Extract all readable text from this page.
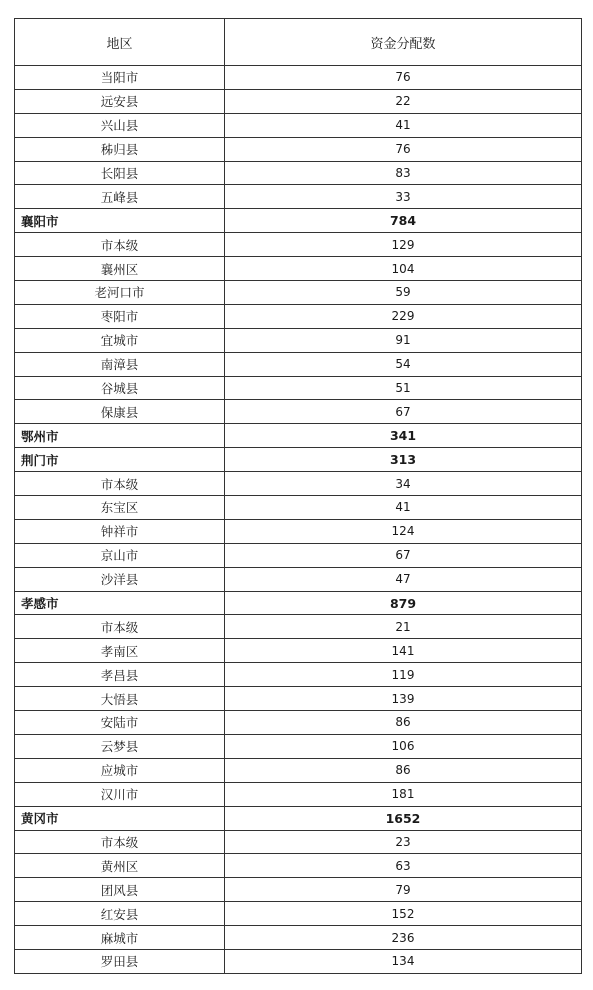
地区	资金分配数
当阳市	76
远安县	22
兴山县	41
秭归县	76
长阳县	83
五峰县	33
襄阳市	784
市本级	129
襄州区	104
老河口市	59
枣阳市	229
宜城市	91
南漳县	54
谷城县	51
保康县	67
鄂州市	341
荆门市	313
市本级	34
东宝区	41
钟祥市	124
京山市	67
沙洋县	47
孝感市	879
市本级	21
孝南区	141
孝昌县	119
大悟县	139
安陆市	86
云梦县	106
应城市	86
汉川市	181
黄冈市	1652
市本级	23
黄州区	63
团风县	79
红安县	152
麻城市	236
罗田县	134
